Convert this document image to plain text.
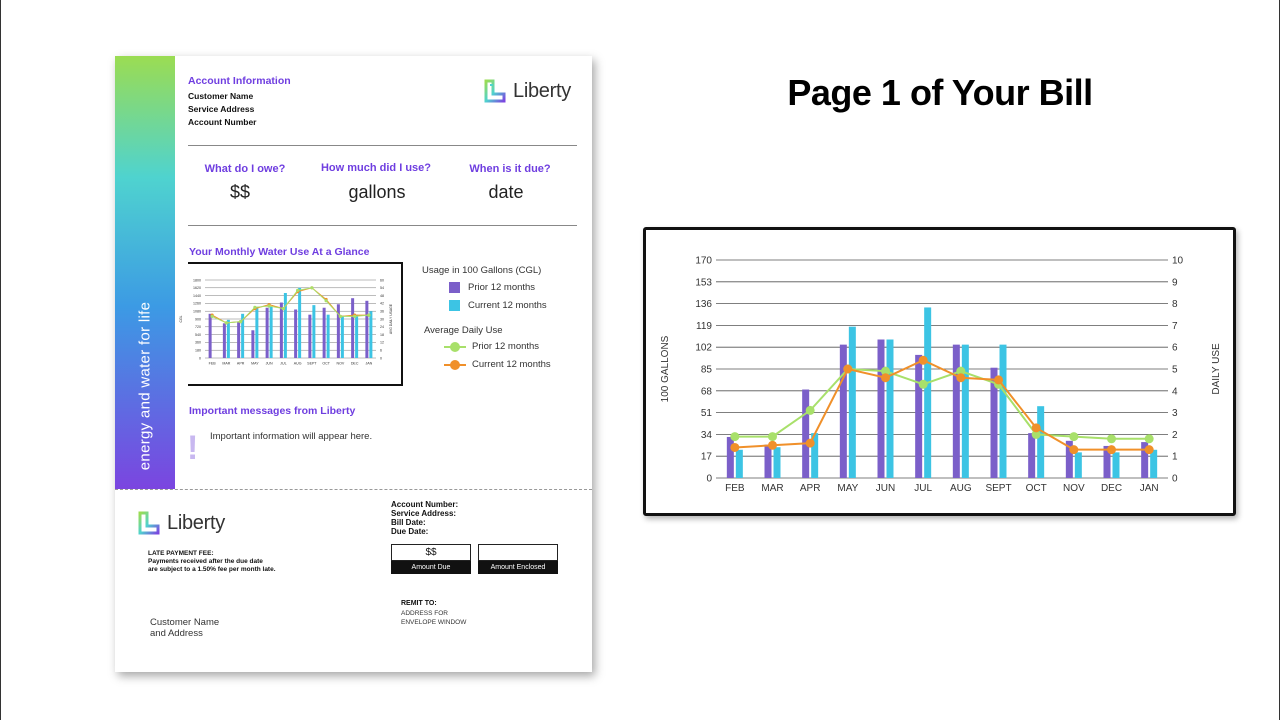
energy and water for life
Account Information
Customer Name
Service Address
Account Number
Liberty
What do I owe?
$$
How much did I use?
gallons
When is it due?
date
Your Monthly Water Use At a Glance
Usage in 100 Gallons (CGL)
Prior 12 months
Current 12 months
Average Daily Use
Prior 12 months
Current 12 months
Important messages from Liberty
! Important information will appear here.
Liberty
Account Number:
Service Address:
Bill Date:
Due Date:
LATE PAYMENT FEE:
Payments received after the due date
are subject to a 1.50% fee per month late.
$$
Amount Due	Amount Enclosed
REMIT TO:
ADDRESS FOR
ENVELOPE WINDOW
Customer Name
and Address
0
180
360
540
720
900
1080
1260
1440
1620
1800
0
6
12
18
24
30
36
42
48
54
60
CGL	AVG DAILY USAGE
FEB MAR APR MAY JUN JUL AUG SEPT OCT NOV DEC JAN
Page 1 of Your Bill
0
17
34
51
68
85
102
119
136
153
170
0
1
2
3
4
5
6
7
8
9
10
100 GALLONS	DAILY USE
FEB MAR APR MAY JUN JUL AUG SEPT OCT NOV DEC JAN
